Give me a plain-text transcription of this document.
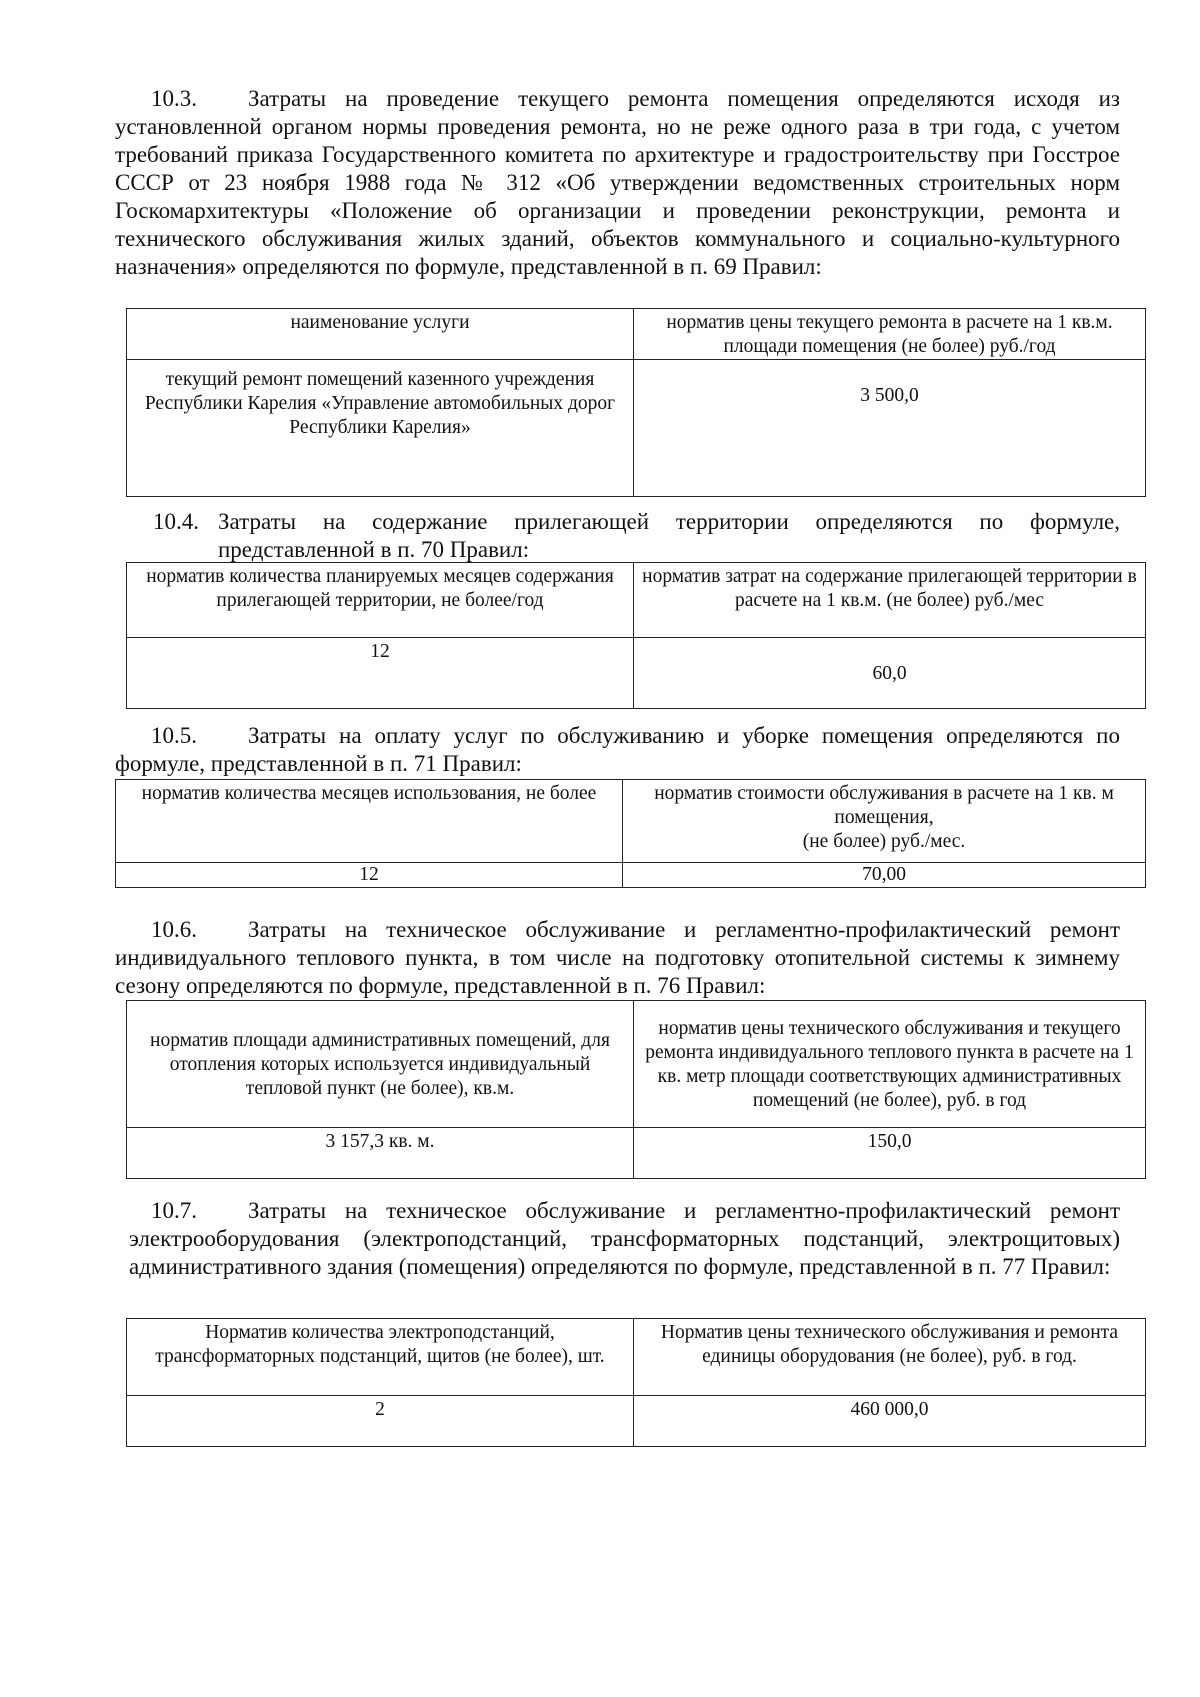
10.3. Затраты на проведение текущего ремонта помещения определяются исходя из установленной органом нормы проведения ремонта, но не реже одного раза в три года, с учетом требований приказа Государственного комитета по архитектуре и градостроительству при Госстрое СССР от 23 ноября 1988 года № 312 «Об утверждении ведомственных строительных норм Госкомархитектуры «Положение об организации и проведении реконструкции, ремонта и технического обслуживания жилых зданий, объектов коммунального и социально-культурного назначения» определяются по формуле, представленной в п. 69 Правил:

наименование услуги	норматив цены текущего ремонта в расчете на 1 кв.м. площади помещения (не более) руб./год
текущий ремонт помещений казенного учреждения Республики Карелия «Управление автомобильных дорог Республики Карелия»	3 500,0

10.4. Затраты на содержание прилегающей территории определяются по формуле, представленной в п. 70 Правил:

норматив количества планируемых месяцев содержания прилегающей территории, не более/год	норматив затрат на содержание прилегающей территории в расчете на 1 кв.м. (не более) руб./мес
12	60,0

10.5. Затраты на оплату услуг по обслуживанию и уборке помещения определяются по формуле, представленной в п. 71 Правил:

норматив количества месяцев использования, не более	норматив стоимости обслуживания в расчете на 1 кв. м помещения,
(не более) руб./мес.
12	70,00

10.6. Затраты на техническое обслуживание и регламентно-профилактический ремонт индивидуального теплового пункта, в том числе на подготовку отопительной системы к зимнему сезону определяются по формуле, представленной в п. 76 Правил:

норматив площади административных помещений, для отопления которых используется индивидуальный тепловой пункт (не более), кв.м.	норматив цены технического обслуживания и текущего ремонта индивидуального теплового пункта в расчете на 1 кв. метр площади соответствующих административных помещений (не более), руб. в год
3 157,3 кв. м.	150,0

10.7. Затраты на техническое обслуживание и регламентно-профилактический ремонт электрооборудования (электроподстанций, трансформаторных подстанций, электрощитовых) административного здания (помещения) определяются по формуле, представленной в п. 77 Правил:

Норматив количества электроподстанций, трансформаторных подстанций, щитов (не более), шт.	Норматив цены технического обслуживания и ремонта единицы оборудования (не более), руб. в год.
2	460 000,0
